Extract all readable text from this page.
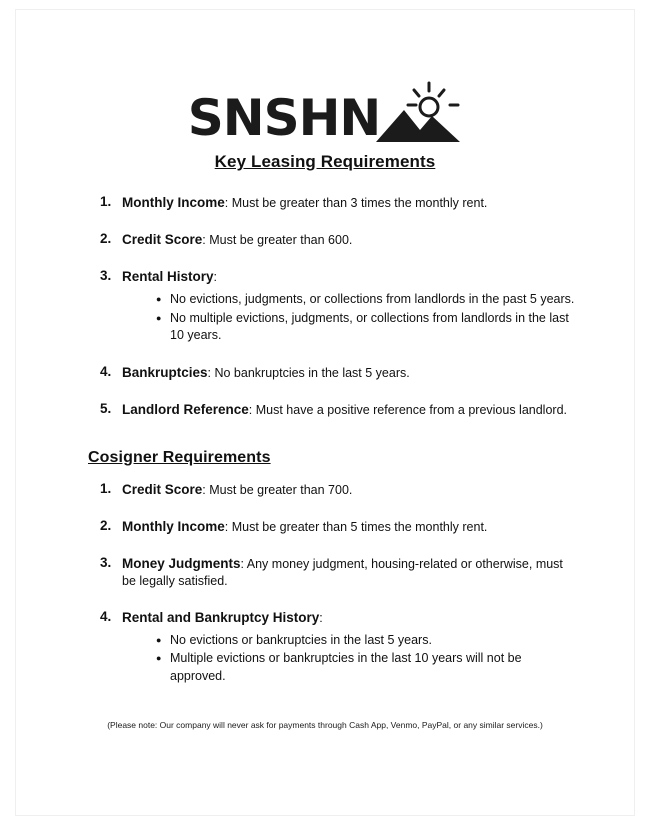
SNSHN
Key Leasing Requirements
1. Monthly Income: Must be greater than 3 times the monthly rent.
2. Credit Score: Must be greater than 600.
3. Rental History:
● No evictions, judgments, or collections from landlords in the past 5 years.
● No multiple evictions, judgments, or collections from landlords in the last 10 years.
4. Bankruptcies: No bankruptcies in the last 5 years.
5. Landlord Reference: Must have a positive reference from a previous landlord.
Cosigner Requirements
1. Credit Score: Must be greater than 700.
2. Monthly Income: Must be greater than 5 times the monthly rent.
3. Money Judgments: Any money judgment, housing-related or otherwise, must be legally satisfied.
4. Rental and Bankruptcy History:
● No evictions or bankruptcies in the last 5 years.
● Multiple evictions or bankruptcies in the last 10 years will not be approved.
(Please note: Our company will never ask for payments through Cash App, Venmo, PayPal, or any similar services.)
